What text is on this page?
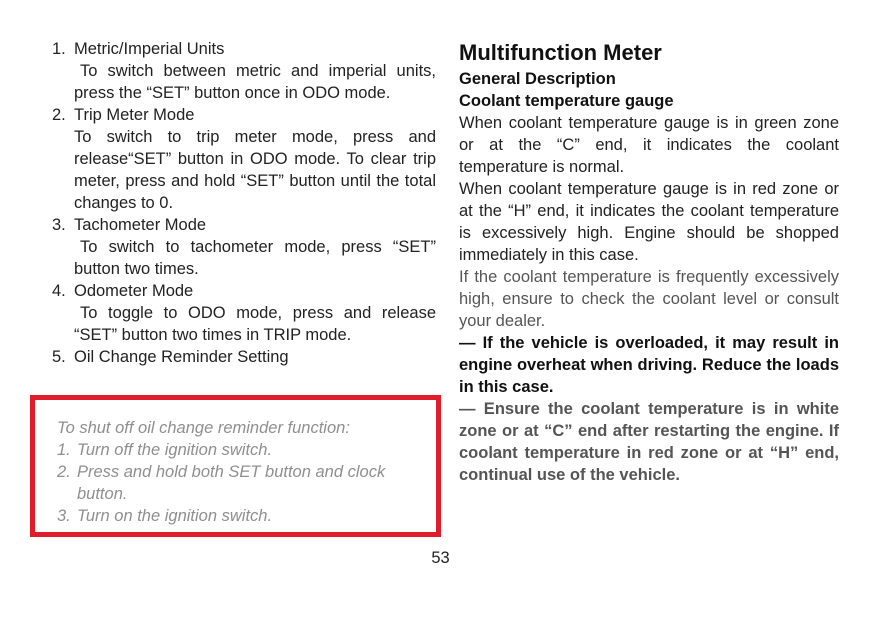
1. Metric/Imperial Units
To switch between metric and imperial units, press the “SET” button once in ODO mode.
2. Trip Meter Mode
To switch to trip meter mode, press and release“SET” button in ODO mode. To clear trip meter, press and hold “SET” button until the total changes to 0.
3. Tachometer Mode
To switch to tachometer mode, press “SET” button two times.
4. Odometer Mode
To toggle to ODO mode, press and release “SET” button two times in TRIP mode.
5. Oil Change Reminder Setting
To shut off oil change reminder function:
1. Turn off the ignition switch.
2. Press and hold both SET button and clock button.
3. Turn on the ignition switch.
53
Multifunction Meter
General Description
Coolant temperature gauge
When coolant temperature gauge is in green zone or at the “C” end, it indicates the coolant temperature is normal.
When coolant temperature gauge is in red zone or at the “H” end, it indicates the coolant temperature is excessively high. Engine should be shopped immediately in this case.
If the coolant temperature is frequently excessively high, ensure to check the coolant level or consult your dealer.
— If the vehicle is overloaded, it may result in engine overheat when driving. Reduce the loads in this case.
— Ensure the coolant temperature is in white zone or at “C” end after restarting the engine. If coolant temperature in red zone or at “H” end, continual use of the vehicle.
